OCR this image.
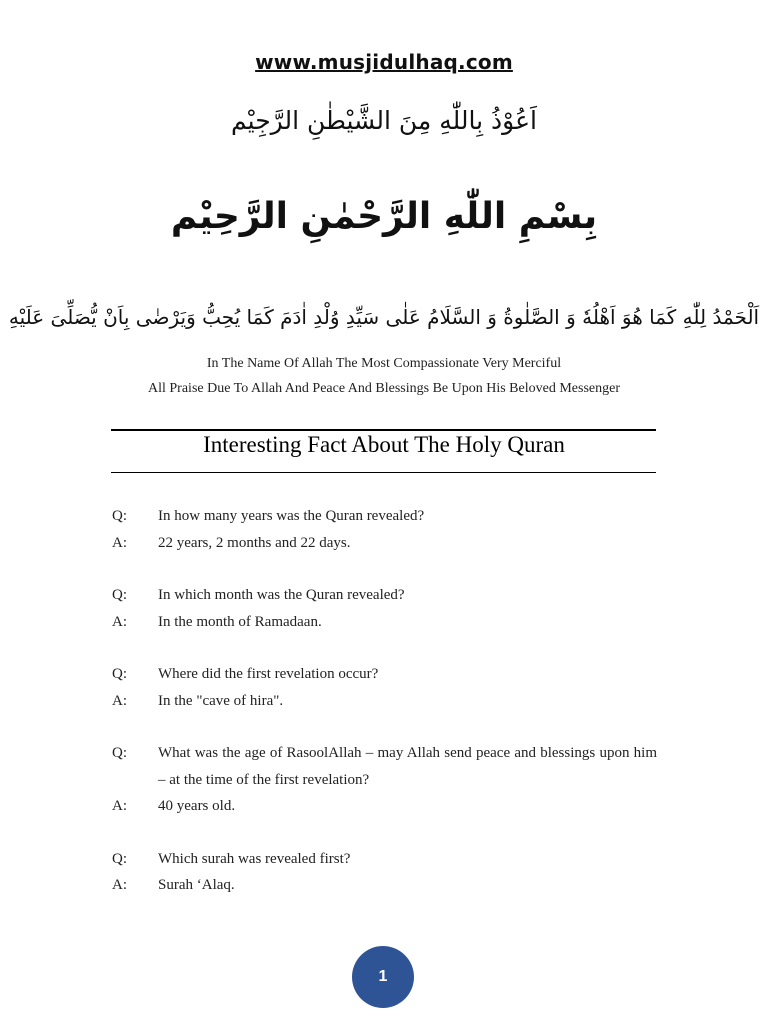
www.musjidulhaq.com
اَعُوْذُ بِاللّٰهِ مِنَ الشَّيْطٰنِ الرَّجِيْم
بِسْمِ اللّٰهِ الرَّحْمٰنِ الرَّحِيْم
اَلْحَمْدُ لِلّٰهِ كَمَا هُوَ اَهْلُهٗ وَ الصَّلٰوةُ وَ السَّلَامُ عَلٰى سَيِّدِ وُلْدِ اٰدَمَ كَمَا يُحِبُّ وَيَرْضٰى بِاَنْ يُّصَلِّىَ عَلَيْهِ
In The Name Of Allah The Most Compassionate Very Merciful
All Praise Due To Allah And Peace And Blessings Be Upon His Beloved Messenger
Interesting Fact About The Holy Quran
Q:	In how many years was the Quran revealed?
A:	22 years, 2 months and 22 days.
Q:	In which month was the Quran revealed?
A:	In the month of Ramadaan.
Q:	Where did the first revelation occur?
A:	In the "cave of hira".
Q:	What was the age of RasoolAllah – may Allah send peace and blessings upon him – at the time of the first revelation?
A:	40 years old.
Q:	Which surah was revealed first?
A:	Surah ‘Alaq.
1
